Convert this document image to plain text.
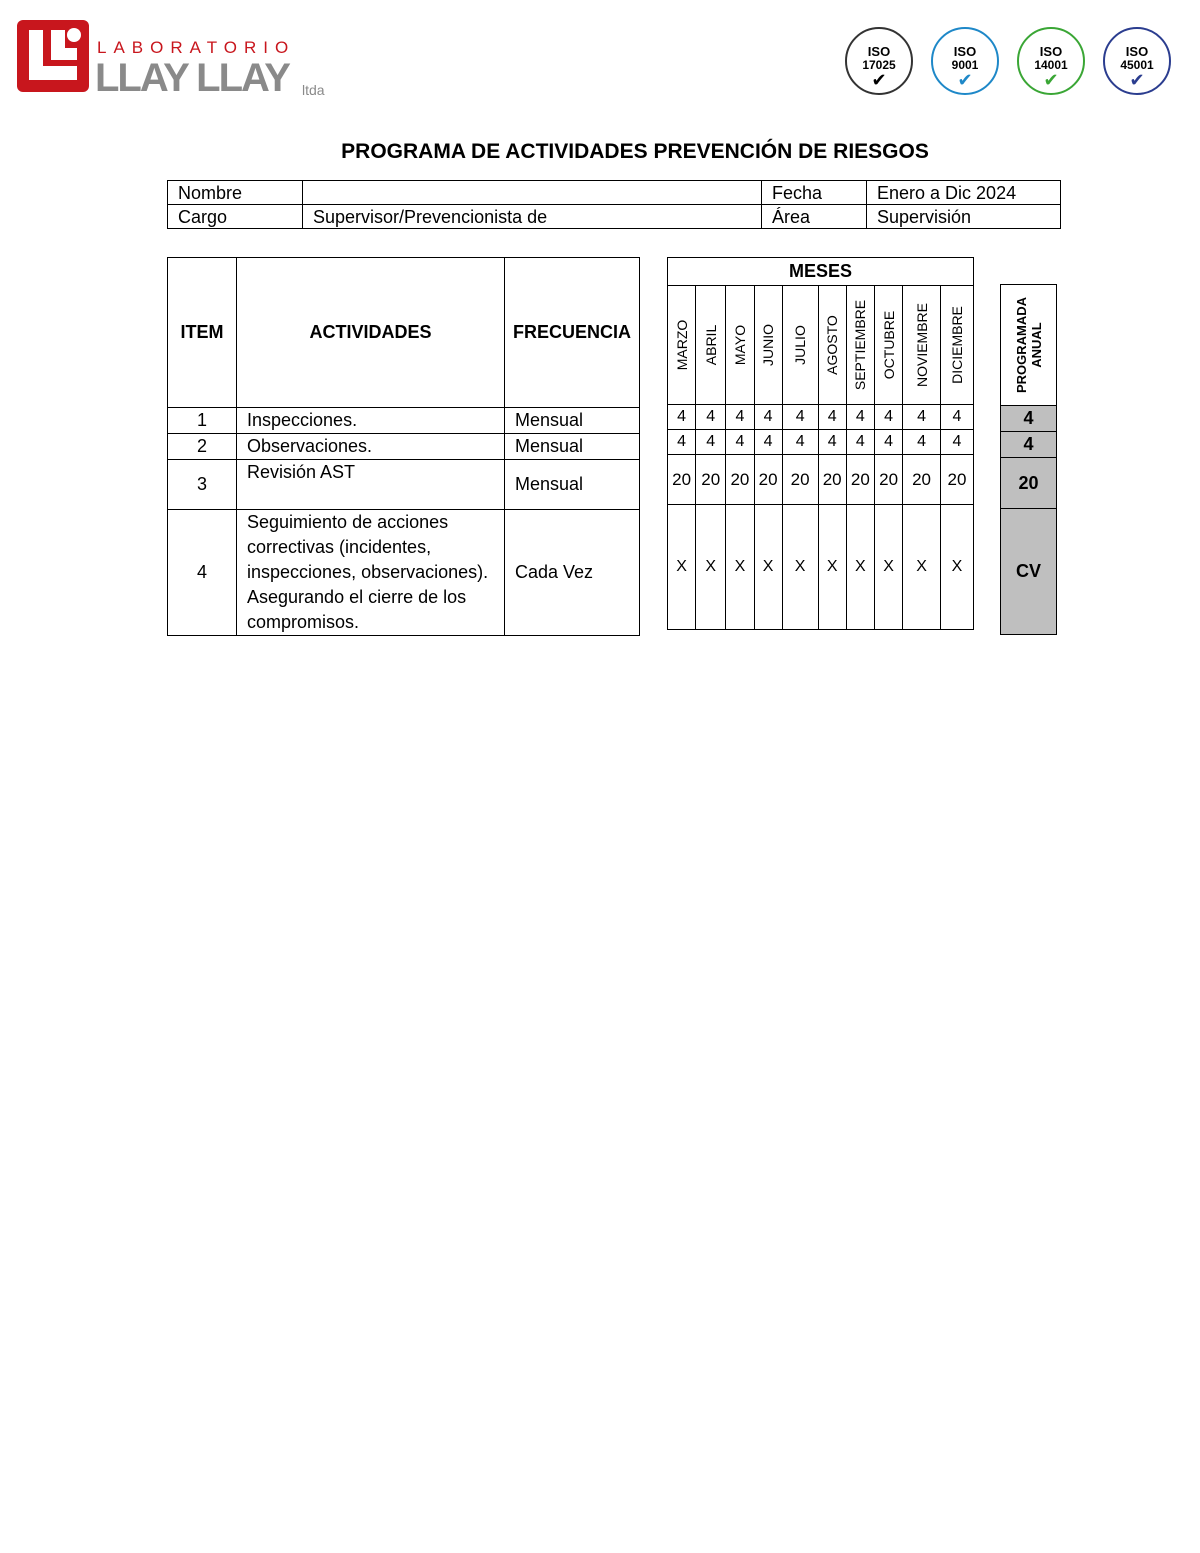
LABORATORIO
LLAY LLAY ltda
ISO
17025
✔
ISO
9001
✔
ISO
14001
✔
ISO
45001
✔
PROGRAMA DE ACTIVIDADES PREVENCIÓN DE RIESGOS
Nombre		Fecha	Enero a Dic 2024
Cargo	Supervisor/Prevencionista de	Área	Supervisión
ITEM	ACTIVIDADES	FRECUENCIA
1	Inspecciones.	Mensual
2	Observaciones.	Mensual
3	Revisión AST	Mensual
4	Seguimiento de acciones correctivas (incidentes, inspecciones, observaciones). Asegurando el cierre de los compromisos.	Cada Vez
MESES									

MARZO	ABRIL	MAYO	JUNIO	JULIO	AGOSTO	SEPTIEMBRE	OCTUBRE	NOVIEMBRE	DICIEMBRE

4	4	4	4	4	4	4	4	4	4
4	4	4	4	4	4	4	4	4	4
20	20	20	20	20	20	20	20	20	20
X	X	X	X	X	X	X	X	X	X
PROGRAMADA ANUAL

4
4
20
CV
